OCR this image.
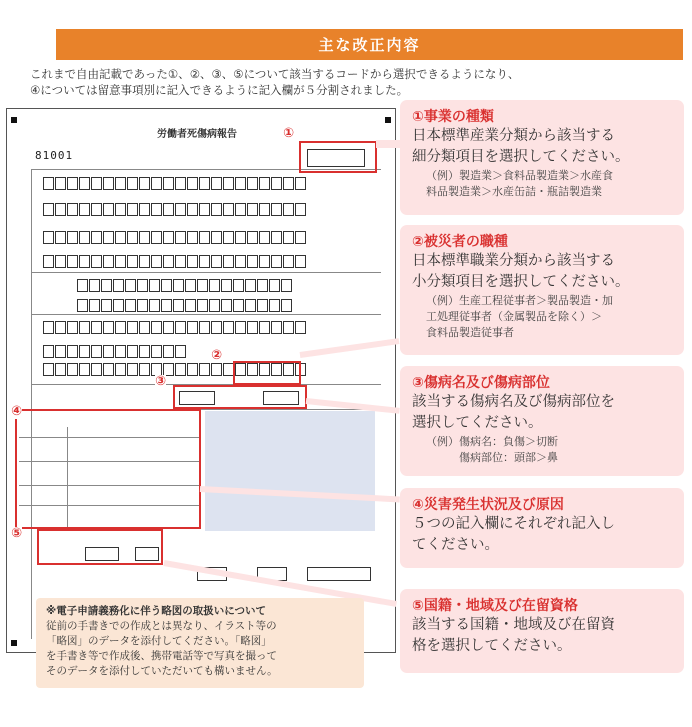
主な改正内容
これまで自由記載であった①、②、③、⑤について該当するコードから選択できるようになり、
④については留意事項別に記入できるように記入欄が５分割されました。
労働者死傷病報告
81001
①
②
③
④
⑤
①事業の種類
日本標準産業分類から該当する
細分類項目を選択してください。
（例）製造業＞食料品製造業＞水産食
料品製造業＞水産缶詰・瓶詰製造業
②被災者の職種
日本標準職業分類から該当する
小分類項目を選択してください。
（例）生産工程従事者＞製品製造・加
工処理従事者（金属製品を除く）＞
食料品製造従事者
③傷病名及び傷病部位
該当する傷病名及び傷病部位を
選択してください。
（例）傷病名：負傷＞切断
　　　傷病部位：頭部＞鼻
④災害発生状況及び原因
５つの記入欄にそれぞれ記入し
てください。
⑤国籍・地域及び在留資格
該当する国籍・地域及び在留資
格を選択してください。
※電子申請義務化に伴う略図の取扱いについて
従前の手書きでの作成とは異なり、イラスト等の
「略図」のデータを添付してください。「略図」
を手書き等で作成後、携帯電話等で写真を撮って
そのデータを添付していただいても構いません。
